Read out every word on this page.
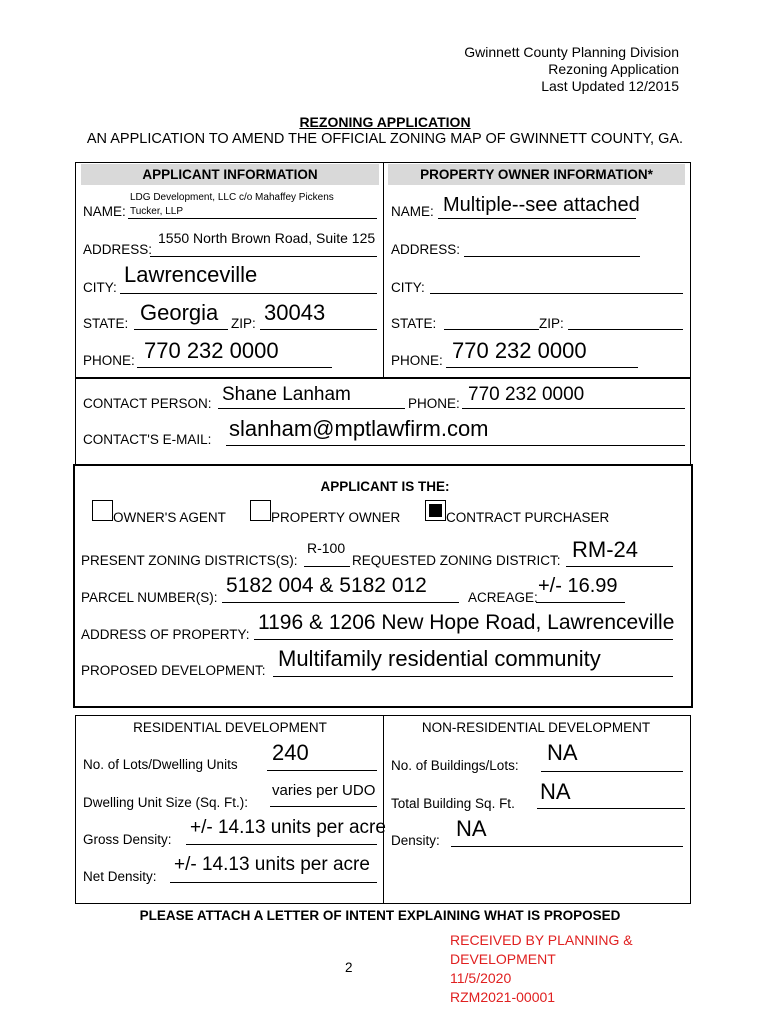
Gwinnett County Planning Division
Rezoning Application
Last Updated 12/2015
REZONING APPLICATION
AN APPLICATION TO AMEND THE OFFICIAL ZONING MAP OF GWINNETT COUNTY, GA.
APPLICANT INFORMATION	PROPERTY OWNER INFORMATION*
NAME:
LDG Development, LLC c/o Mahaffey Pickens
Tucker, LLP
ADDRESS:
1550 North Brown Road, Suite 125
CITY:
Lawrenceville
STATE: Georgia ZIP: 30043
PHONE: 770 232 0000
NAME: Multiple--see attached
ADDRESS:
CITY:
STATE:	ZIP:
PHONE: 770 232 0000
CONTACT PERSON: Shane Lanham	PHONE: 770 232 0000
CONTACT'S E-MAIL: slanham@mptlawfirm.com
APPLICANT IS THE:
OWNER'S AGENT	PROPERTY OWNER	CONTRACT PURCHASER
PRESENT ZONING DISTRICTS(S):
R-100
REQUESTED ZONING DISTRICT: RM-24
PARCEL NUMBER(S):
5182 004 & 5182 012
ACREAGE:
+/- 16.99
ADDRESS OF PROPERTY:
1196 & 1206 New Hope Road, Lawrenceville
PROPOSED DEVELOPMENT: Multifamily residential community
RESIDENTIAL DEVELOPMENT	NON-RESIDENTIAL DEVELOPMENT
No. of Lots/Dwelling Units 240
Dwelling Unit Size (Sq. Ft.):
varies per UDO
Gross Density:
+/- 14.13 units per acre
Net Density:
+/- 14.13 units per acre
No. of Buildings/Lots:
NA
Total Building Sq. Ft. NA
Density: NA
PLEASE ATTACH A LETTER OF INTENT EXPLAINING WHAT IS PROPOSED
2
RECEIVED BY PLANNING &
DEVELOPMENT
11/5/2020
RZM2021-00001
